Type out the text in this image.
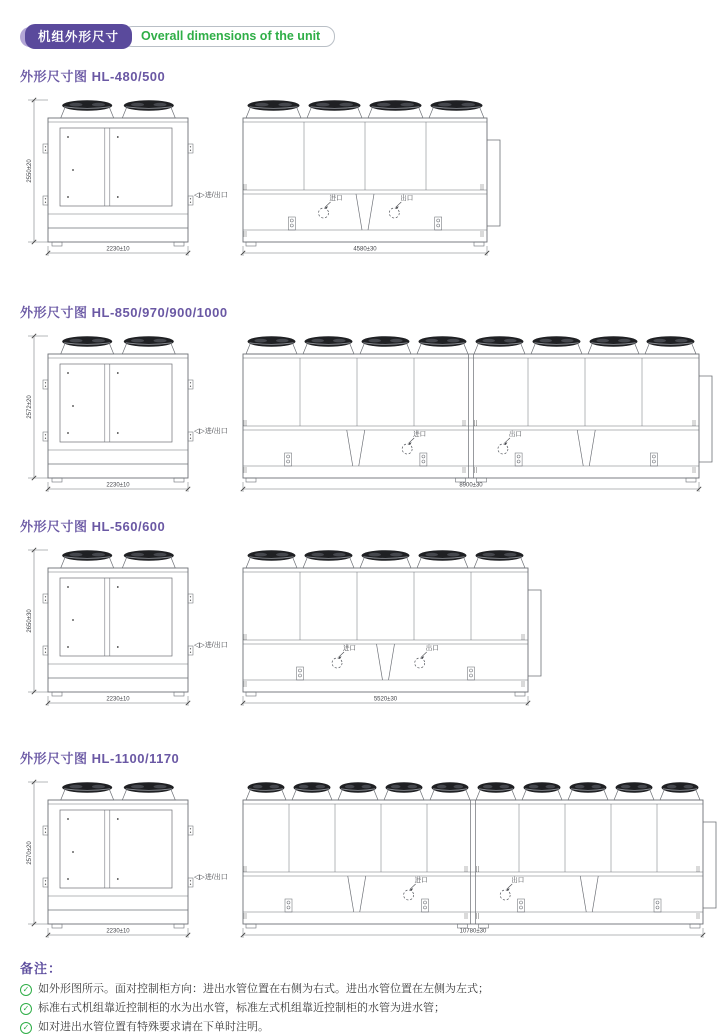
机组外形尺寸	Overall dimensions of the unit
外形尺寸图 HL-480/500
2550±20
2230±10
◁▷进/出口	进口	出口
4580±30
外形尺寸图 HL-850/970/900/1000
2572±20
2230±10
◁▷进/出口	进口	出口
8900±30
外形尺寸图 HL-560/600
2650±30
2230±10
◁▷进/出口	进口	出口
5520±30
外形尺寸图 HL-1100/1170
2570±20
2230±10
◁▷进/出口	进口	出口
10780±30
备注：
✓ 如外形图所示。面对控制柜方向：进出水管位置在右侧为右式。进出水管位置在左侧为左式；
✓ 标准右式机组靠近控制柜的水为出水管，标准左式机组靠近控制柜的水管为进水管；
✓ 如对进出水管位置有特殊要求请在下单时注明。
